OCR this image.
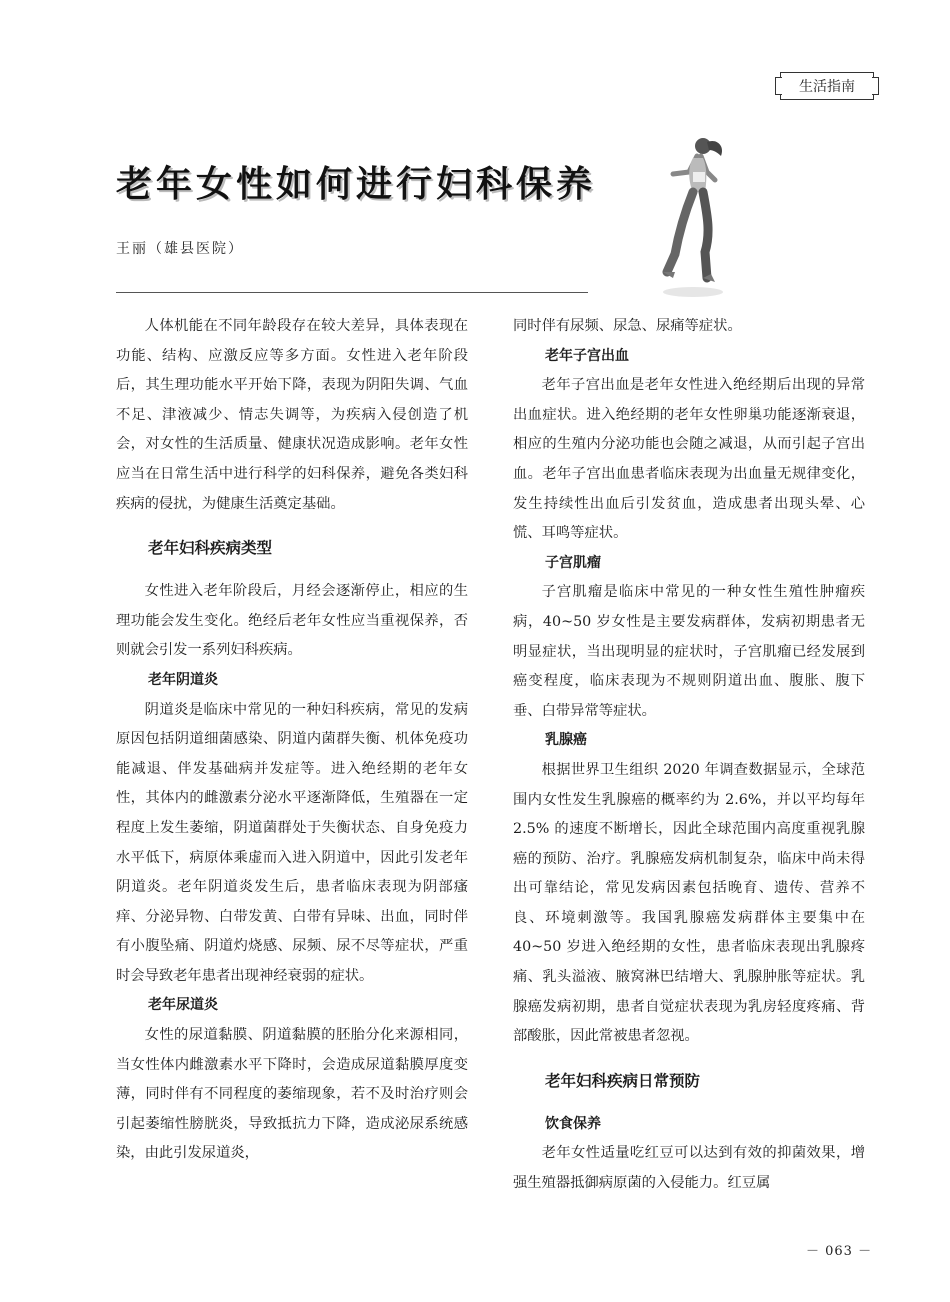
生活指南
老年女性如何进行妇科保养
王丽（雄县医院）

人体机能在不同年龄段存在较大差异，具体表现在功能、结构、应激反应等多方面。女性进入老年阶段后，其生理功能水平开始下降，表现为阴阳失调、气血不足、津液减少、情志失调等，为疾病入侵创造了机会，对女性的生活质量、健康状况造成影响。老年女性应当在日常生活中进行科学的妇科保养，避免各类妇科疾病的侵扰，为健康生活奠定基础。

老年妇科疾病类型

女性进入老年阶段后，月经会逐渐停止，相应的生理功能会发生变化。绝经后老年女性应当重视保养，否则就会引发一系列妇科疾病。

老年阴道炎

阴道炎是临床中常见的一种妇科疾病，常见的发病原因包括阴道细菌感染、阴道内菌群失衡、机体免疫功能减退、伴发基础病并发症等。进入绝经期的老年女性，其体内的雌激素分泌水平逐渐降低，生殖器在一定程度上发生萎缩，阴道菌群处于失衡状态、自身免疫力水平低下，病原体乘虚而入进入阴道中，因此引发老年阴道炎。老年阴道炎发生后，患者临床表现为阴部瘙痒、分泌异物、白带发黄、白带有异味、出血，同时伴有小腹坠痛、阴道灼烧感、尿频、尿不尽等症状，严重时会导致老年患者出现神经衰弱的症状。

老年尿道炎

女性的尿道黏膜、阴道黏膜的胚胎分化来源相同，当女性体内雌激素水平下降时，会造成尿道黏膜厚度变薄，同时伴有不同程度的萎缩现象，若不及时治疗则会引起萎缩性膀胱炎，导致抵抗力下降，造成泌尿系统感染，由此引发尿道炎，

同时伴有尿频、尿急、尿痛等症状。

老年子宫出血

老年子宫出血是老年女性进入绝经期后出现的异常出血症状。进入绝经期的老年女性卵巢功能逐渐衰退，相应的生殖内分泌功能也会随之减退，从而引起子宫出血。老年子宫出血患者临床表现为出血量无规律变化，发生持续性出血后引发贫血，造成患者出现头晕、心慌、耳鸣等症状。

子宫肌瘤

子宫肌瘤是临床中常见的一种女性生殖性肿瘤疾病，40~50 岁女性是主要发病群体，发病初期患者无明显症状，当出现明显的症状时，子宫肌瘤已经发展到癌变程度，临床表现为不规则阴道出血、腹胀、腹下垂、白带异常等症状。

乳腺癌

根据世界卫生组织 2020 年调查数据显示，全球范围内女性发生乳腺癌的概率约为 2.6%，并以平均每年 2.5% 的速度不断增长，因此全球范围内高度重视乳腺癌的预防、治疗。乳腺癌发病机制复杂，临床中尚未得出可靠结论，常见发病因素包括晚育、遗传、营养不良、环境刺激等。我国乳腺癌发病群体主要集中在 40~50 岁进入绝经期的女性，患者临床表现出乳腺疼痛、乳头溢液、腋窝淋巴结增大、乳腺肿胀等症状。乳腺癌发病初期，患者自觉症状表现为乳房轻度疼痛、背部酸胀，因此常被患者忽视。

老年妇科疾病日常预防
饮食保养

老年女性适量吃红豆可以达到有效的抑菌效果，增强生殖器抵御病原菌的入侵能力。红豆属

－ 063 －
